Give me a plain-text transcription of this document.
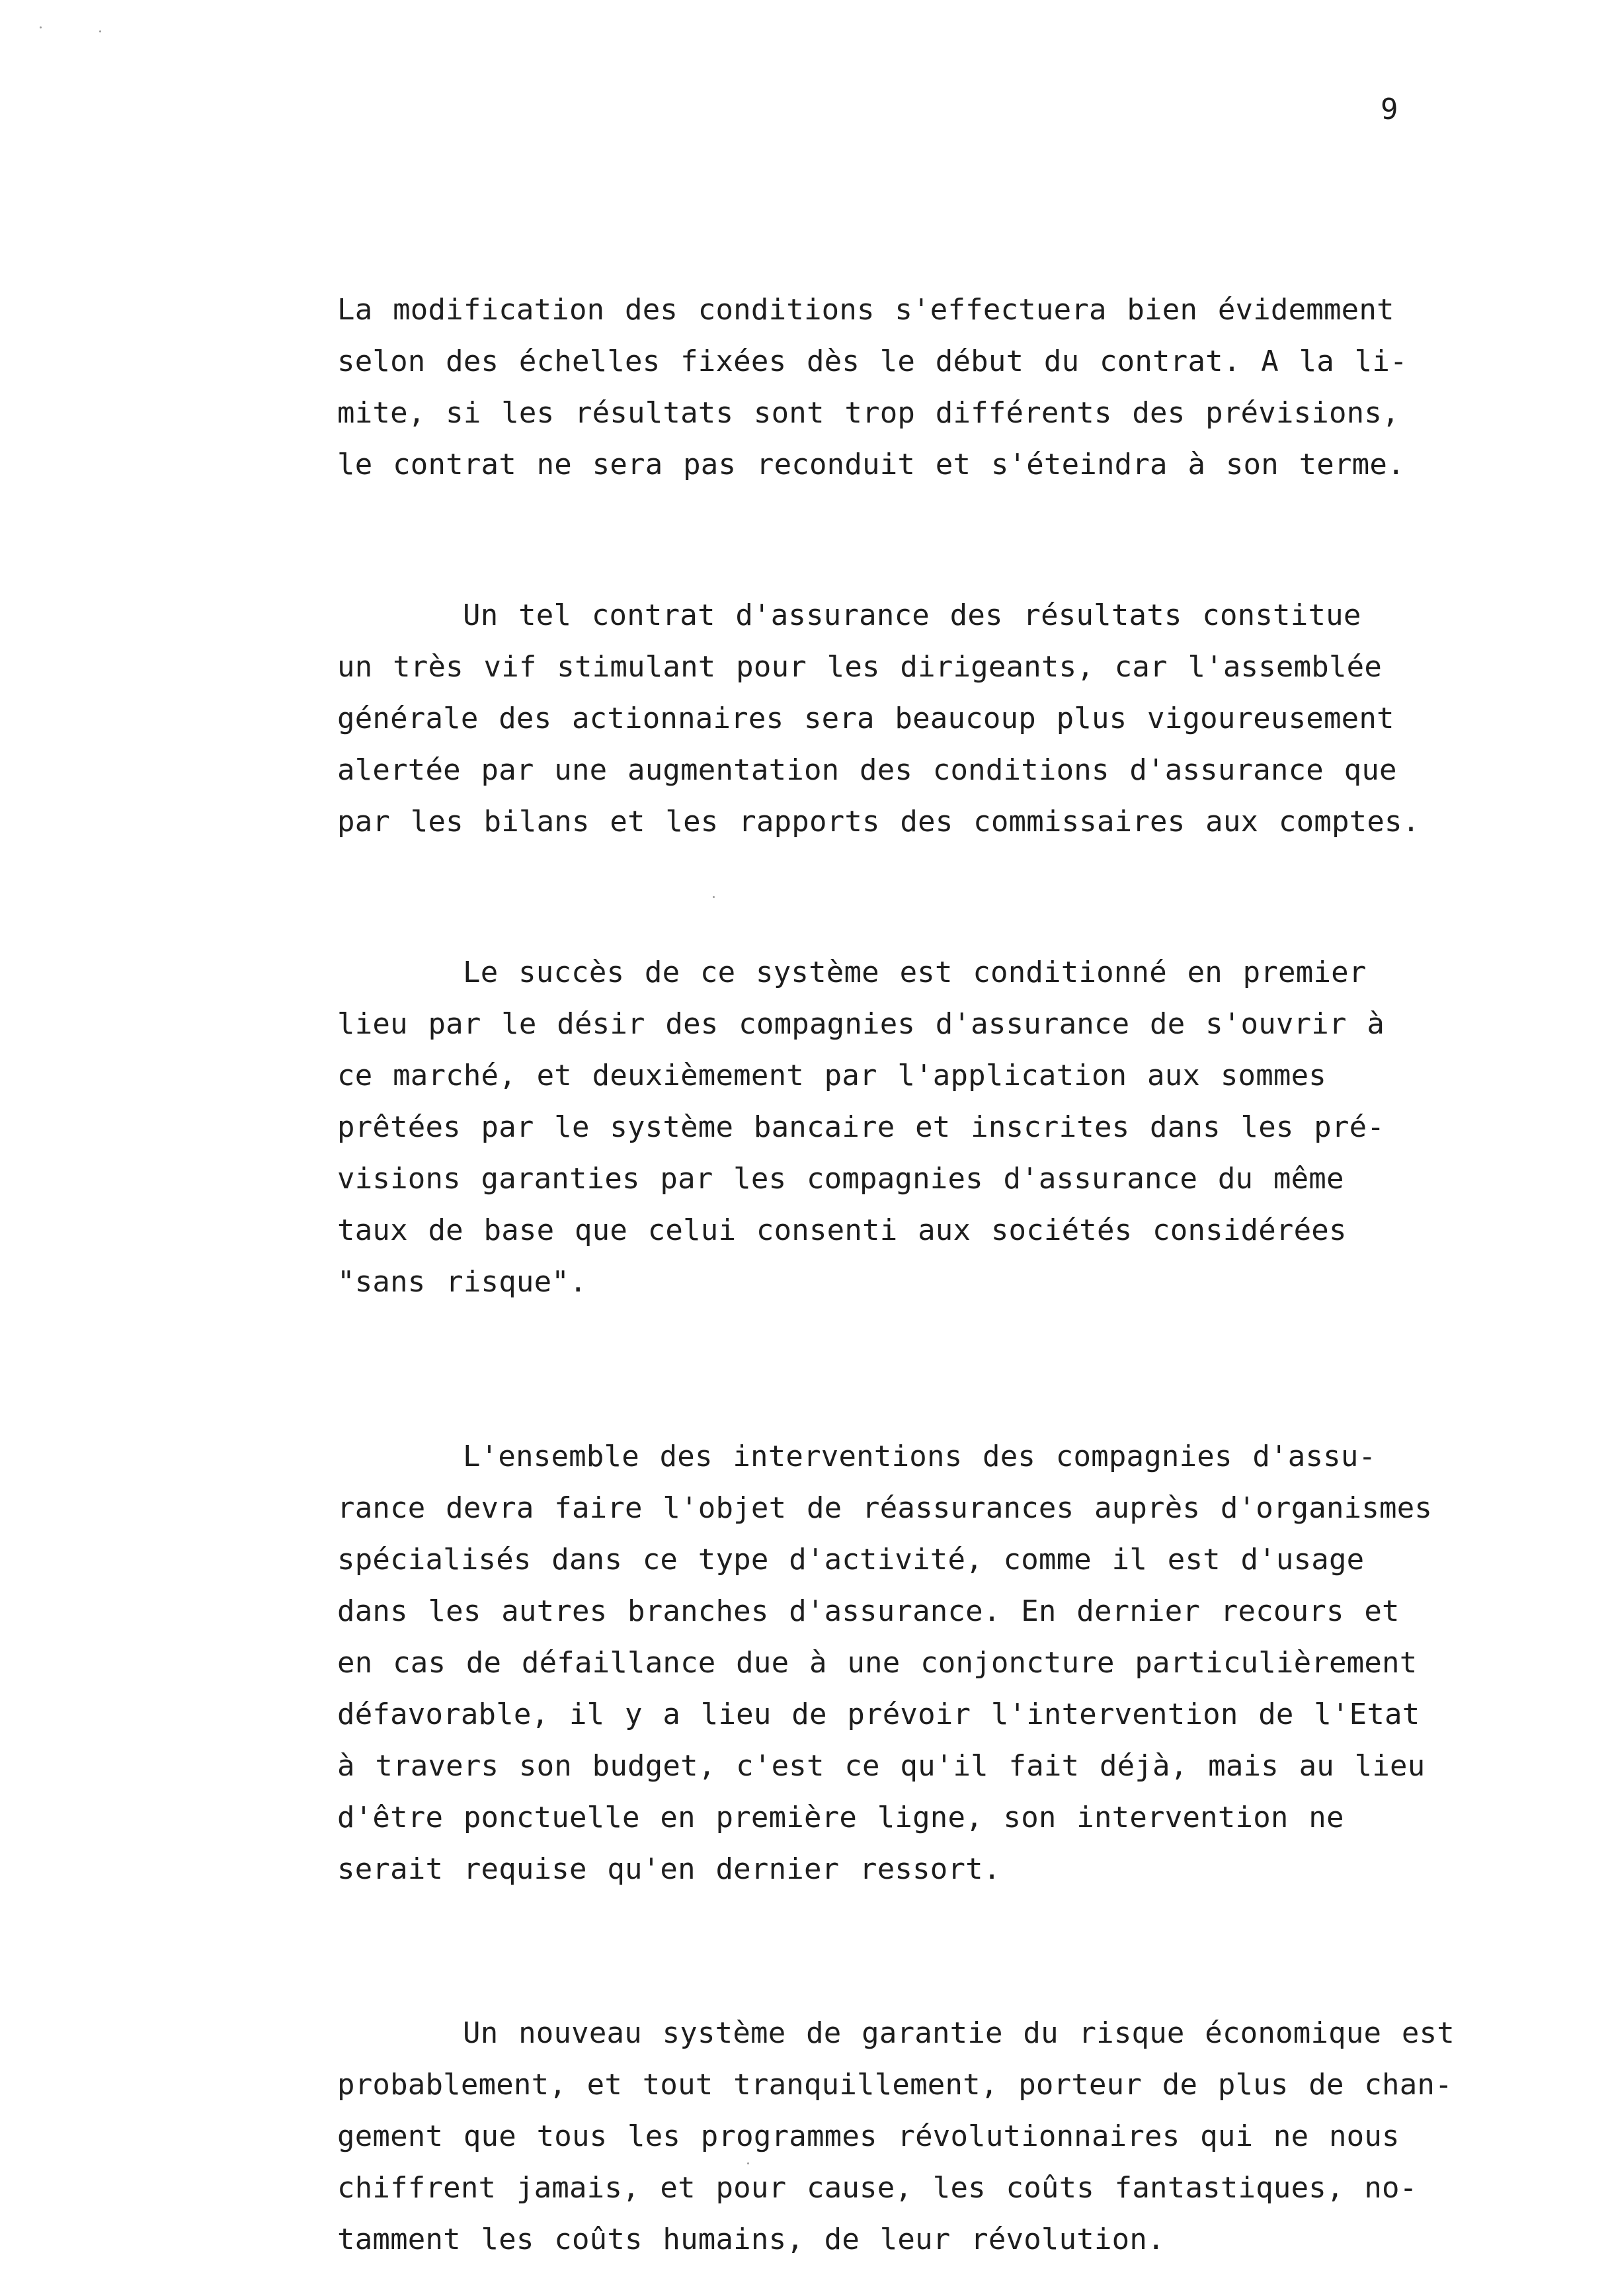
9

La modification des conditions s'effectuera bien évidemment
selon des échelles fixées dès le début du contrat. A la li-
mite, si les résultats sont trop différents des prévisions,
le contrat ne sera pas reconduit et s'éteindra à son terme.

Un tel contrat d'assurance des résultats constitue
un très vif stimulant pour les dirigeants, car l'assemblée
générale des actionnaires sera beaucoup plus vigoureusement
alertée par une augmentation des conditions d'assurance que
par les bilans et les rapports des commissaires aux comptes.

Le succès de ce système est conditionné en premier
lieu par le désir des compagnies d'assurance de s'ouvrir à
ce marché, et deuxièmement par l'application aux sommes
prêtées par le système bancaire et inscrites dans les pré-
visions garanties par les compagnies d'assurance du même
taux de base que celui consenti aux sociétés considérées
"sans risque".

L'ensemble des interventions des compagnies d'assu-
rance devra faire l'objet de réassurances auprès d'organismes
spécialisés dans ce type d'activité, comme il est d'usage
dans les autres branches d'assurance. En dernier recours et
en cas de défaillance due à une conjoncture particulièrement
défavorable, il y a lieu de prévoir l'intervention de l'Etat
à travers son budget, c'est ce qu'il fait déjà, mais au lieu
d'être ponctuelle en première ligne, son intervention ne
serait requise qu'en dernier ressort.

Un nouveau système de garantie du risque économique est
probablement, et tout tranquillement, porteur de plus de chan-
gement que tous les programmes révolutionnaires qui ne nous
chiffrent jamais, et pour cause, les coûts fantastiques, no-
tamment les coûts humains, de leur révolution.
